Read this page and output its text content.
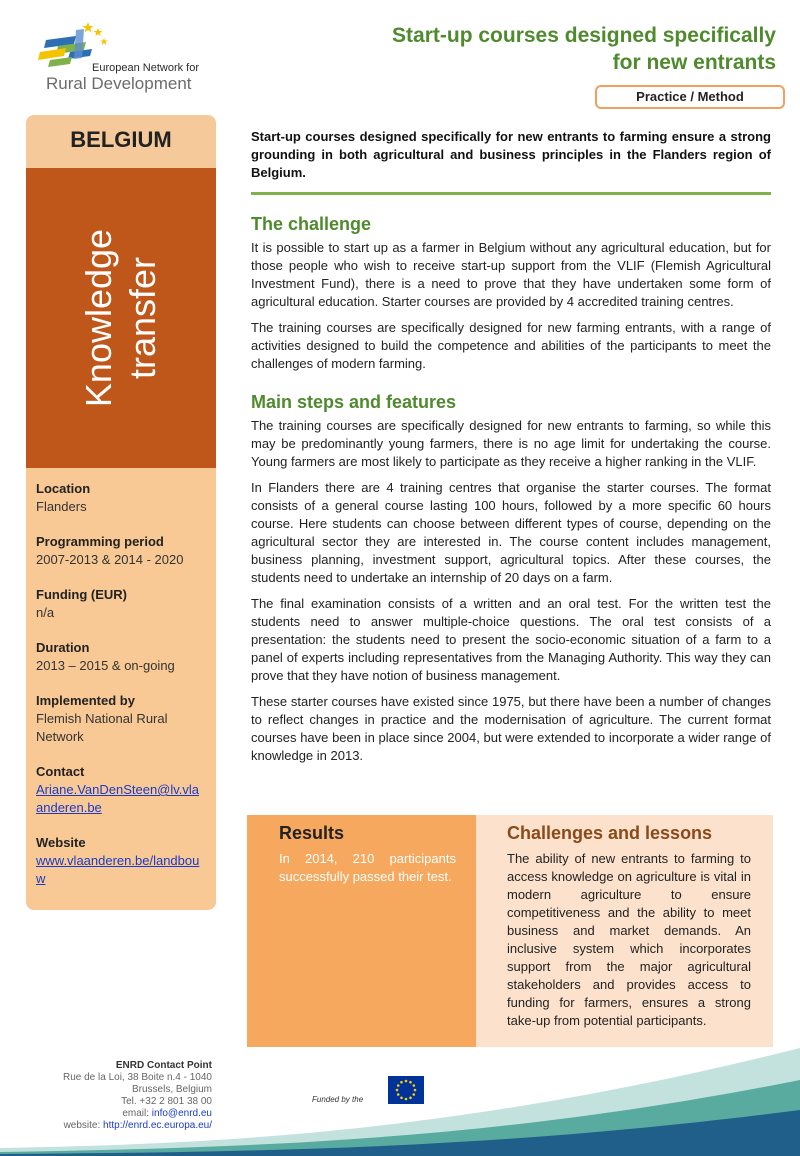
European Network for
Rural Development
Start-up courses designed specifically
for new entrants
Practice / Method
BELGIUM
Knowledge transfer
Location
Flanders
Programming period
2007-2013 & 2014 - 2020
Funding (EUR)
n/a
Duration
2013 – 2015 & on-going
Implemented by
Flemish National Rural Network
Contact
Ariane.VanDenSteen@lv.vlaanderen.be
Website
www.vlaanderen.be/landbouw

Start-up courses designed specifically for new entrants to farming ensure a strong grounding in both agricultural and business principles in the Flanders region of Belgium.

The challenge

It is possible to start up as a farmer in Belgium without any agricultural education, but for those people who wish to receive start-up support from the VLIF (Flemish Agricultural Investment Fund), there is a need to prove that they have undertaken some form of agricultural education. Starter courses are provided by 4 accredited training centres.

The training courses are specifically designed for new farming entrants, with a range of activities designed to build the competence and abilities of the participants to meet the challenges of modern farming.

Main steps and features

The training courses are specifically designed for new entrants to farming, so while this may be predominantly young farmers, there is no age limit for undertaking the course. Young farmers are most likely to participate as they receive a higher ranking in the VLIF.

In Flanders there are 4 training centres that organise the starter courses. The format consists of a general course lasting 100 hours, followed by a more specific 60 hours course. Here students can choose between different types of course, depending on the agricultural sector they are interested in. The course content includes management, business planning, investment support, agricultural topics. After these courses, the students need to undertake an internship of 20 days on a farm.

The final examination consists of a written and an oral test. For the written test the students need to answer multiple-choice questions. The oral test consists of a presentation: the students need to present the socio-economic situation of a farm to a panel of experts including representatives from the Managing Authority. This way they can prove that they have notion of business management.

These starter courses have existed since 1975, but there have been a number of changes to reflect changes in practice and the modernisation of agriculture. The current format courses have been in place since 2004, but were extended to incorporate a wider range of knowledge in 2013.

Results

In 2014, 210 participants successfully passed their test.

Challenges and lessons

The ability of new entrants to farming to access knowledge on agriculture is vital in modern agriculture to ensure competitiveness and the ability to meet business and market demands. An inclusive system which incorporates support from the major agricultural stakeholders and provides access to funding for farmers, ensures a strong take-up from potential participants.

ENRD Contact Point
Rue de la Loi, 38 Boite n.4 - 1040
Brussels, Belgium
Tel. +32 2 801 38 00
email: info@enrd.eu
website: http://enrd.ec.europa.eu/
Funded by the
